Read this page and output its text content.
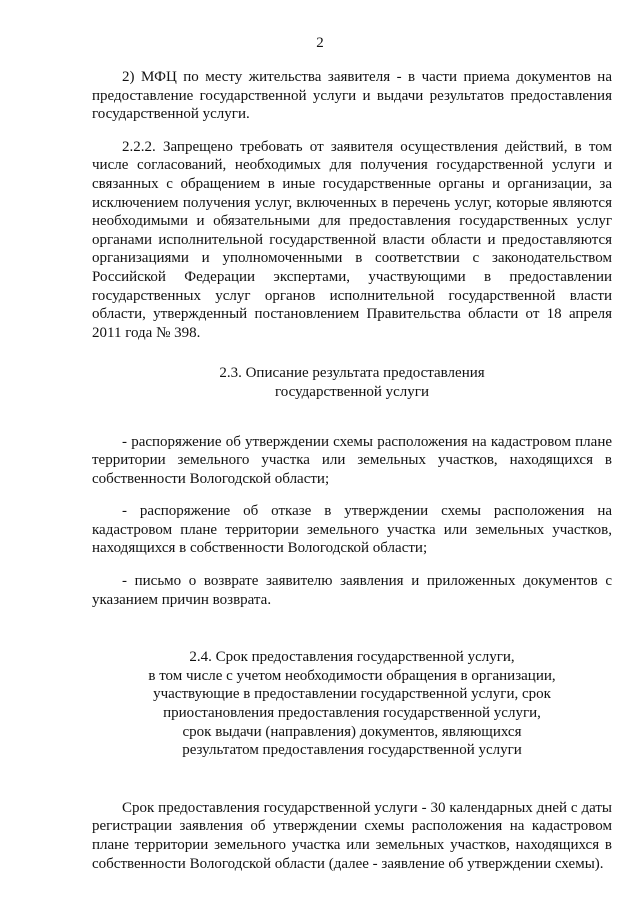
2

2) МФЦ по месту жительства заявителя - в части приема документов на предоставление государственной услуги и выдачи результатов предоставления государственной услуги.

2.2.2. Запрещено требовать от заявителя осуществления действий, в том числе согласований, необходимых для получения государственной услуги и связанных с обращением в иные государственные органы и организации, за исключением получения услуг, включенных в перечень услуг, которые являются необходимыми и обязательными для предоставления государственных услуг органами исполнительной государственной власти области и предоставляются организациями и уполномоченными в соответствии с законодательством Российской Федерации экспертами, участвующими в предоставлении государственных услуг органов исполнительной государственной власти области, утвержденный постановлением Правительства области от 18 апреля 2011 года № 398.

2.3. Описание результата предоставления
государственной услуги

- распоряжение об утверждении схемы расположения на кадастровом плане территории земельного участка или земельных участков, находящихся в собственности Вологодской области;

- распоряжение об отказе в утверждении схемы расположения на кадастровом плане территории земельного участка или земельных участков, находящихся в собственности Вологодской области;

- письмо о возврате заявителю заявления и приложенных документов с указанием причин возврата.

2.4. Срок предоставления государственной услуги,
в том числе с учетом необходимости обращения в организации,
участвующие в предоставлении государственной услуги, срок
приостановления предоставления государственной услуги,
срок выдачи (направления) документов, являющихся
результатом предоставления государственной услуги

Срок предоставления государственной услуги - 30 календарных дней с даты регистрации заявления об утверждении схемы расположения на кадастровом плане территории земельного участка или земельных участков, находящихся в собственности Вологодской области (далее - заявление об утверждении схемы).
